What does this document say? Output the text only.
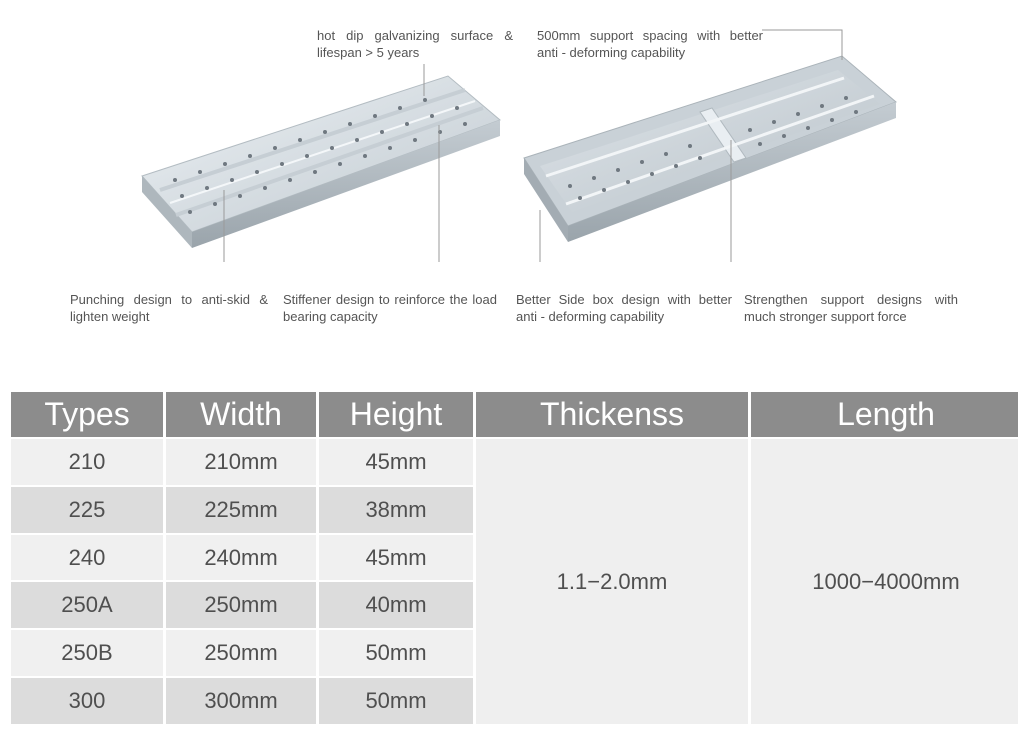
hot dip galvanizing surface & lifespan > 5 years
500mm support spacing with better anti - deforming capability
Punching design to anti-skid & lighten weight
Stiffener design to reinforce the load bearing capacity
Better Side box design with better anti - deforming capability
Strengthen support designs with much stronger support force
Types	Width	Height	Thickenss	Length
210	210mm	45mm	1.1−2.0mm	1000−4000mm
225	225mm	38mm		
240	240mm	45mm		
250A	250mm	40mm		
250B	250mm	50mm		
300	300mm	50mm		
